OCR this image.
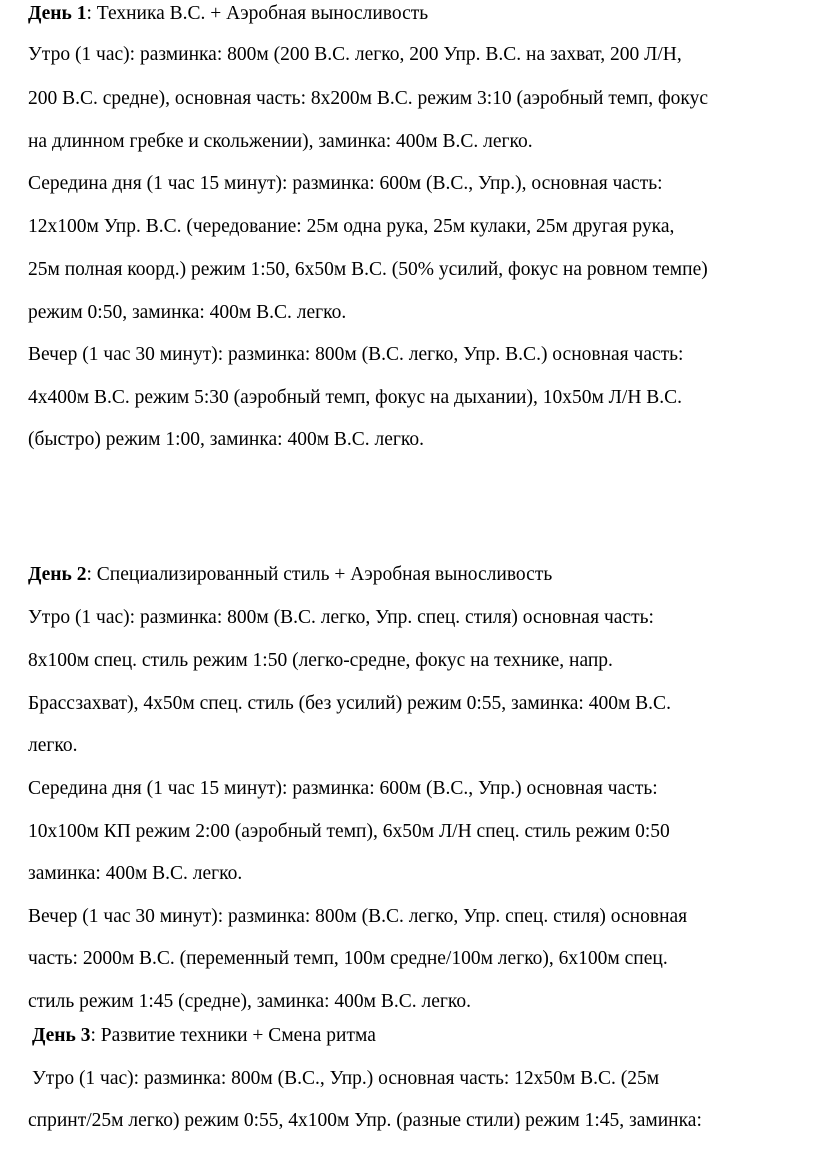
День 1: Техника В.С. + Аэробная выносливость
Утро (1 час): разминка: 800м (200 В.С. легко, 200 Упр. В.С. на захват, 200 Л/Н,
200 В.С. средне), основная часть: 8х200м В.С. режим 3:10 (аэробный темп, фокус
на длинном гребке и скольжении), заминка: 400м В.С. легко.
Середина дня (1 час 15 минут): разминка: 600м (В.С., Упр.), основная часть:
12х100м Упр. В.С. (чередование: 25м одна рука, 25м кулаки, 25м другая рука,
25м полная коорд.) режим 1:50, 6х50м В.С. (50% усилий, фокус на ровном темпе)
режим 0:50, заминка: 400м В.С. легко.
Вечер (1 час 30 минут): разминка: 800м (В.С. легко, Упр. В.С.) основная часть:
4х400м В.С. режим 5:30 (аэробный темп, фокус на дыхании), 10х50м Л/Н В.С.
(быстро) режим 1:00, заминка: 400м В.С. легко.
День 2: Специализированный стиль + Аэробная выносливость
Утро (1 час): разминка: 800м (В.С. легко, Упр. спец. стиля) основная часть:
8х100м спец. стиль режим 1:50 (легко-средне, фокус на технике, напр.
Брассзахват), 4х50м спец. стиль (без усилий) режим 0:55, заминка: 400м В.С.
легко.
Середина дня (1 час 15 минут): разминка: 600м (В.С., Упр.) основная часть:
10х100м КП режим 2:00 (аэробный темп), 6х50м Л/Н спец. стиль режим 0:50
заминка: 400м В.С. легко.
Вечер (1 час 30 минут): разминка: 800м (В.С. легко, Упр. спец. стиля) основная
часть: 2000м В.С. (переменный темп, 100м средне/100м легко), 6х100м спец.
стиль режим 1:45 (средне), заминка: 400м В.С. легко.
День 3: Развитие техники + Смена ритма
Утро (1 час): разминка: 800м (В.С., Упр.) основная часть: 12х50м В.С. (25м
спринт/25м легко) режим 0:55, 4х100м Упр. (разные стили) режим 1:45, заминка:
